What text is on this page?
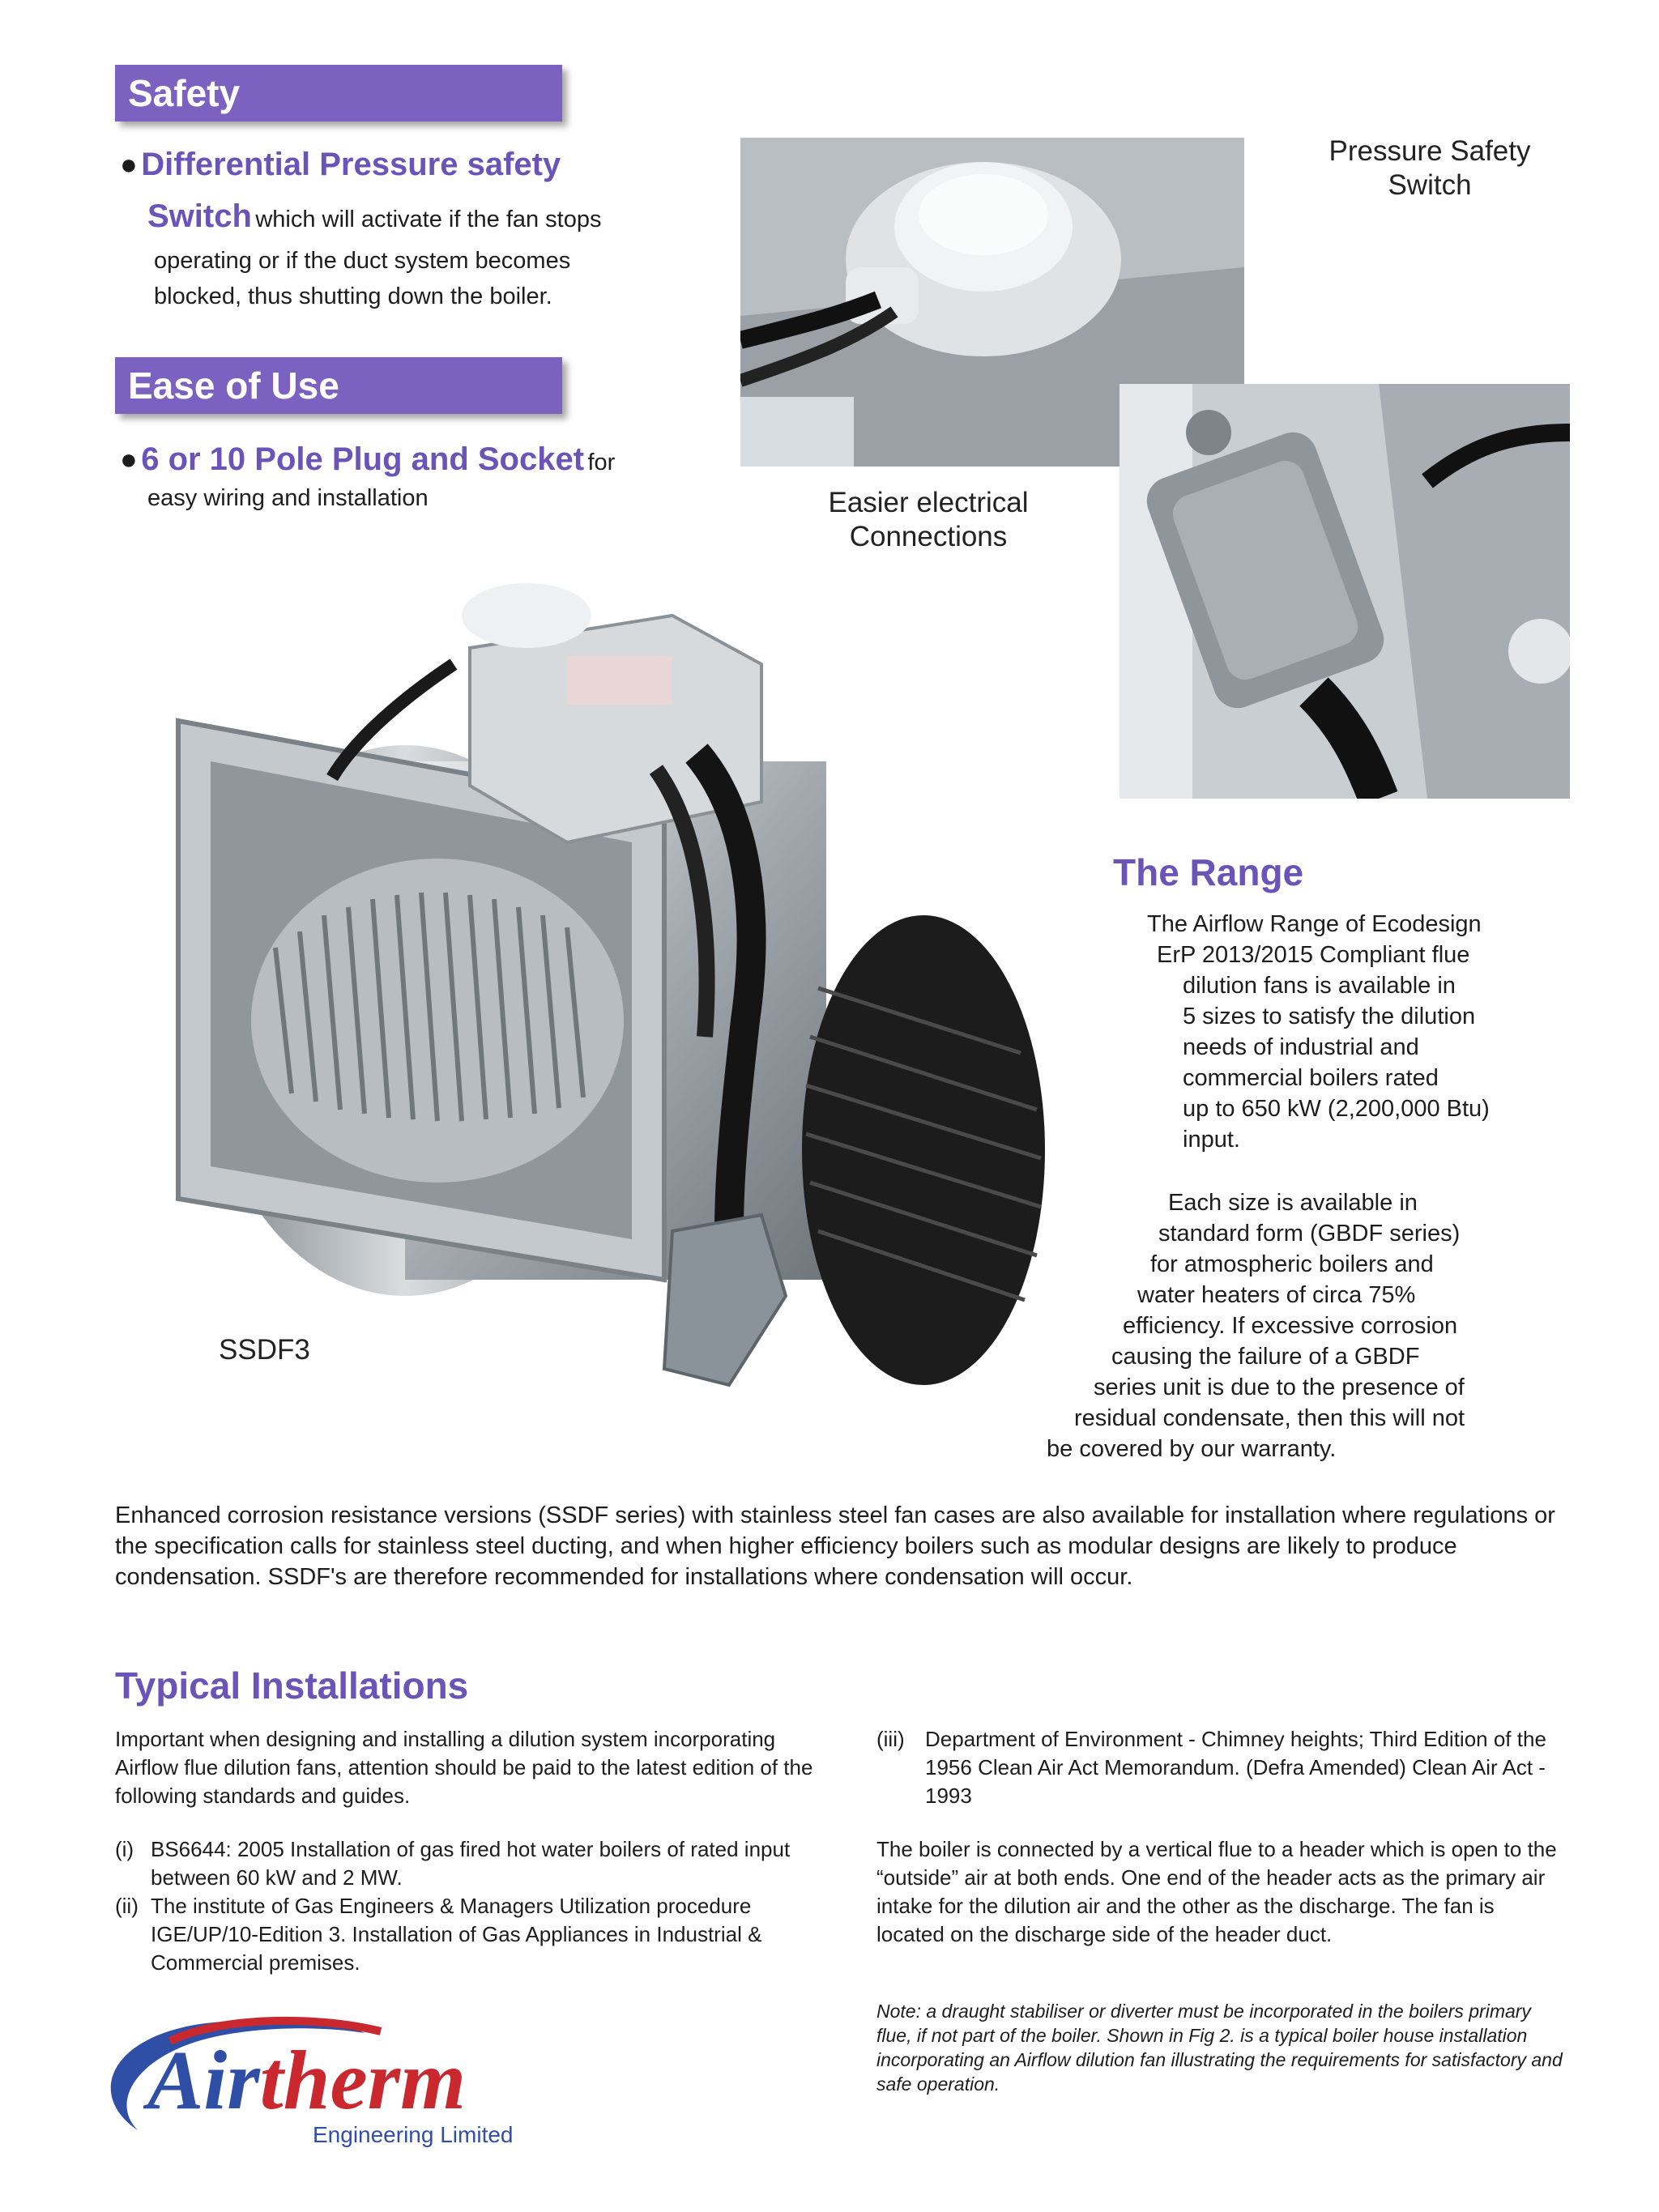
Safety
● Differential Pressure safety
Switch which will activate if the fan stops
operating or if the duct system becomes
blocked, thus shutting down the boiler.
Ease of Use
● 6 or 10 Pole Plug and Socket for
easy wiring and installation
Pressure Safety
Switch
Easier electrical
Connections
SSDF3
The Range
The Airflow Range of Ecodesign
ErP 2013/2015 Compliant flue
dilution fans is available in
5 sizes to satisfy the dilution
needs of industrial and
commercial boilers rated
up to 650 kW (2,200,000 Btu)
input.
Each size is available in
standard form (GBDF series)
for atmospheric boilers and
water heaters of circa 75%
efficiency. If excessive corrosion
causing the failure of a GBDF
series unit is due to the presence of
residual condensate, then this will not
be covered by our warranty.
Enhanced corrosion resistance versions (SSDF series) with stainless steel fan cases are also available for installation where regulations or the specification calls for stainless steel ducting, and when higher efficiency boilers such as modular designs are likely to produce condensation. SSDF's are therefore recommended for installations where condensation will occur.
Typical Installations
Important when designing and installing a dilution system incorporating Airflow flue dilution fans, attention should be paid to the latest edition of the following standards and guides.
(i) BS6644: 2005 Installation of gas fired hot water boilers of rated input between 60 kW and 2 MW.
(ii) The institute of Gas Engineers & Managers Utilization procedure IGE/UP/10-Edition 3. Installation of Gas Appliances in Industrial & Commercial premises.
(iii) Department of Environment - Chimney heights; Third Edition of the 1956 Clean Air Act Memorandum. (Defra Amended) Clean Air Act - 1993
The boiler is connected by a vertical flue to a header which is open to the “outside” air at both ends. One end of the header acts as the primary air intake for the dilution air and the other as the discharge. The fan is located on the discharge side of the header duct.
Note: a draught stabiliser or diverter must be incorporated in the boilers primary flue, if not part of the boiler. Shown in Fig 2. is a typical boiler house installation incorporating an Airflow dilution fan illustrating the requirements for satisfactory and safe operation.
Airtherm
Engineering Limited
